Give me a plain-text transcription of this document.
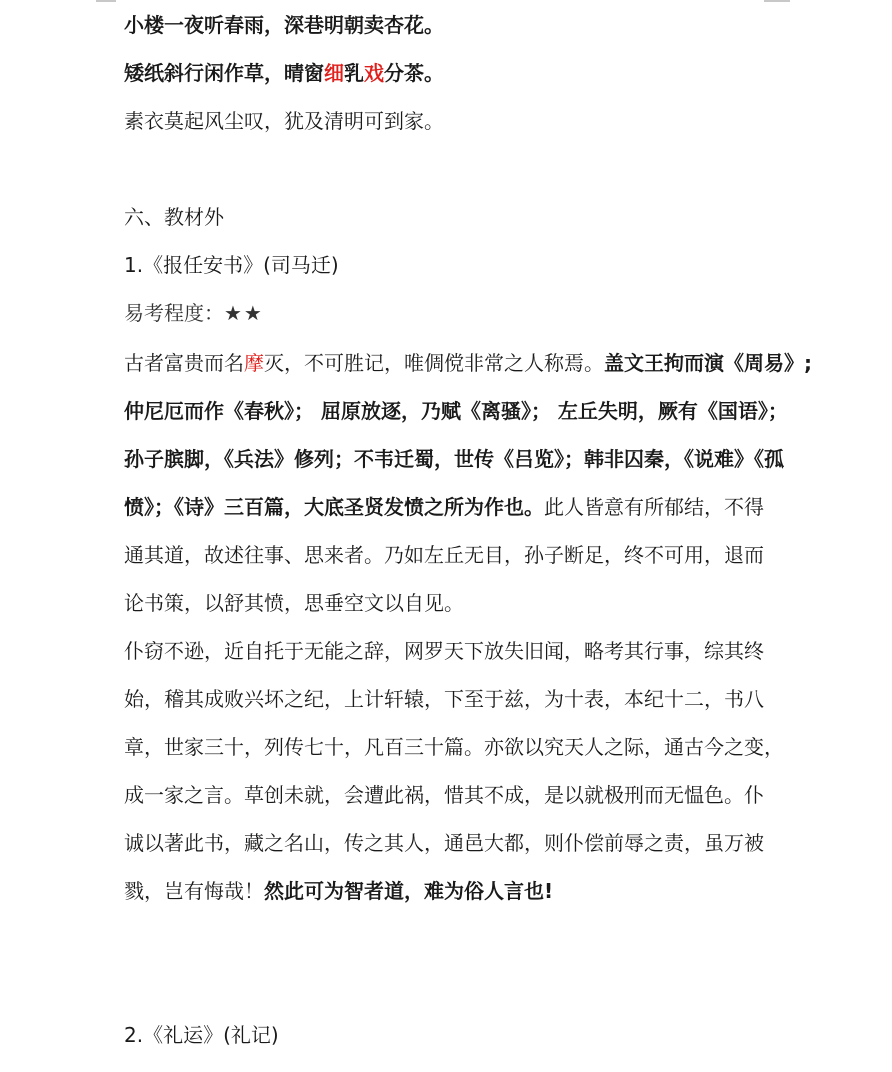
小楼一夜听春雨，深巷明朝卖杏花。

矮纸斜行闲作草，晴窗细乳戏分茶。

素衣莫起风尘叹，犹及清明可到家。

六、教材外

1.《报任安书》(司马迁)

易考程度：★★

古者富贵而名摩灭，不可胜记，唯倜傥非常之人称焉。盖文王拘而演《周易》;

仲尼厄而作《春秋》； 屈原放逐，乃赋《离骚》； 左丘失明，厥有《国语》；

孙子膑脚，《兵法》修列；不韦迁蜀，世传《吕览》；韩非囚秦，《说难》《孤

愤》；《诗》三百篇，大底圣贤发愤之所为作也。此人皆意有所郁结，不得

通其道，故述往事、思来者。乃如左丘无目，孙子断足，终不可用，退而

论书策，以舒其愤，思垂空文以自见。

仆窃不逊，近自托于无能之辞，网罗天下放失旧闻，略考其行事，综其终

始，稽其成败兴坏之纪，上计轩辕，下至于兹，为十表，本纪十二，书八

章，世家三十，列传七十，凡百三十篇。亦欲以究天人之际，通古今之变，

成一家之言。草创未就，会遭此祸，惜其不成，是以就极刑而无愠色。仆

诚以著此书，藏之名山，传之其人，通邑大都，则仆偿前辱之责，虽万被

戮，岂有悔哉！然此可为智者道，难为俗人言也!

2.《礼运》(礼记)
